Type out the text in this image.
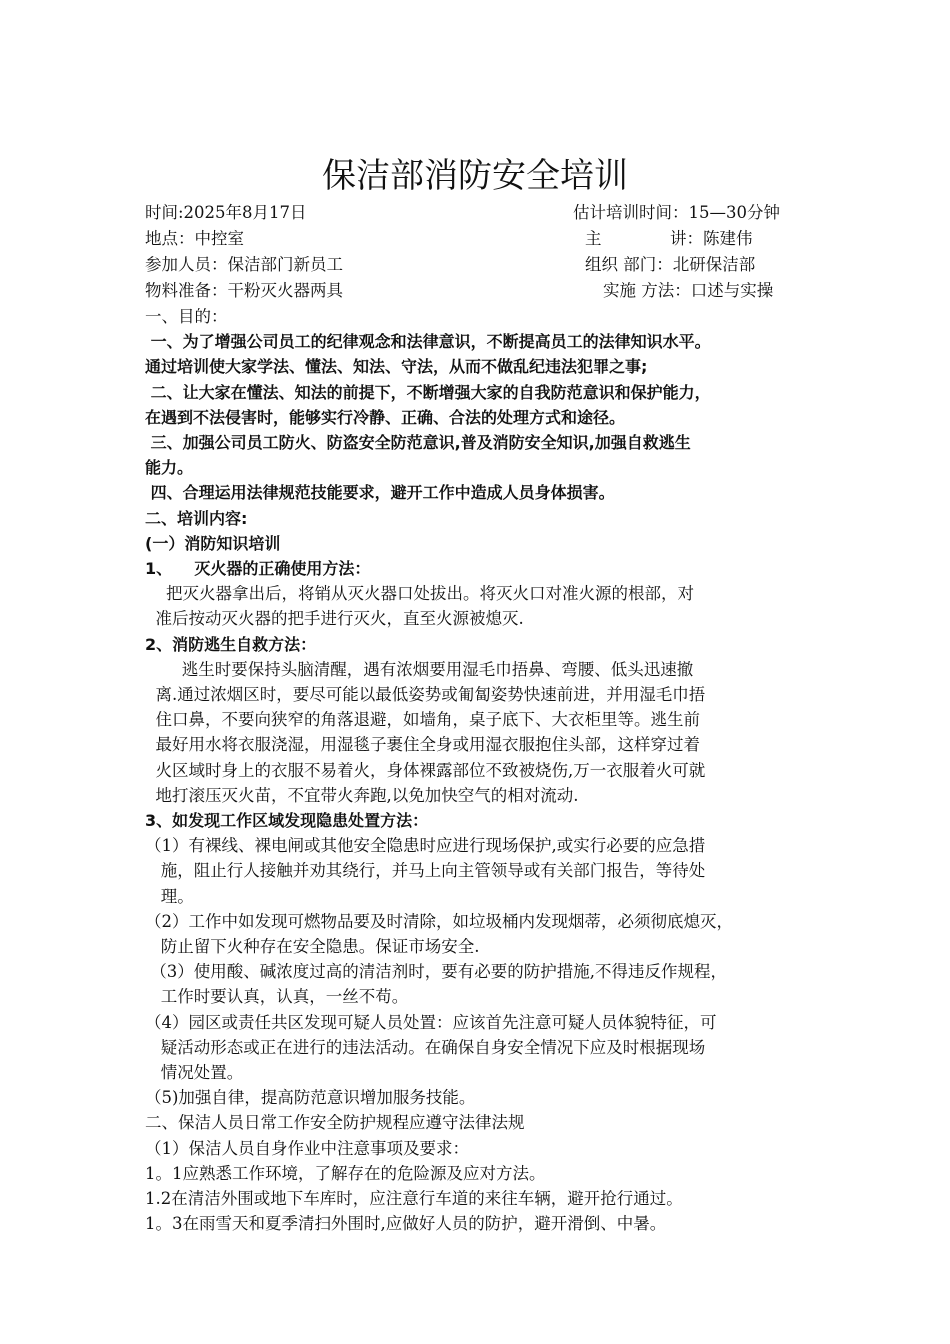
保洁部消防安全培训
时间:2025年8月17日	估计培训时间：15—30分钟
地点：中控室	主	讲：陈建伟
参加人员：保洁部门新员工	组织 部门：北研保洁部
物料准备：干粉灭火器两具	实施 方法：口述与实操
一、目的：
一、为了增强公司员工的纪律观念和法律意识，不断提高员工的法律知识水平。
通过培训使大家学法、懂法、知法、守法，从而不做乱纪违法犯罪之事;
二、让大家在懂法、知法的前提下，不断增强大家的自我防范意识和保护能力，
在遇到不法侵害时，能够实行冷静、正确、合法的处理方式和途径。
三、加强公司员工防火、防盗安全防范意识,普及消防安全知识,加强自救逃生
能力。
四、合理运用法律规范技能要求，避开工作中造成人员身体损害。
二、培训内容:
(一）消防知识培训
1、    灭火器的正确使用方法：
把灭火器拿出后，将销从灭火器口处拔出。将灭火口对准火源的根部，对
准后按动灭火器的把手进行灭火，直至火源被熄灭.
2、消防逃生自救方法：
逃生时要保持头脑清醒，遇有浓烟要用湿毛巾捂鼻、弯腰、低头迅速撤
离.通过浓烟区时，要尽可能以最低姿势或匍匐姿势快速前进，并用湿毛巾捂
住口鼻，不要向狭窄的角落退避，如墙角，桌子底下、大衣柜里等。逃生前
最好用水将衣服浇湿，用湿毯子裹住全身或用湿衣服抱住头部，这样穿过着
火区域时身上的衣服不易着火，身体裸露部位不致被烧伤,万一衣服着火可就
地打滚压灭火苗，不宜带火奔跑,以免加快空气的相对流动.
3、如发现工作区域发现隐患处置方法：
（1）有裸线、裸电闸或其他安全隐患时应进行现场保护,或实行必要的应急措
施，阻止行人接触并劝其绕行，并马上向主管领导或有关部门报告，等待处
理。
（2）工作中如发现可燃物品要及时清除，如垃圾桶内发现烟蒂，必须彻底熄灭，
防止留下火种存在安全隐患。保证市场安全.
（3）使用酸、碱浓度过高的清洁剂时，要有必要的防护措施,不得违反作规程，
工作时要认真，认真，一丝不苟。
（4）园区或责任共区发现可疑人员处置：应该首先注意可疑人员体貌特征，可
疑活动形态或正在进行的违法活动。在确保自身安全情况下应及时根据现场
情况处置。
（5)加强自律，提高防范意识增加服务技能。
二、保洁人员日常工作安全防护规程应遵守法律法规
（1）保洁人员自身作业中注意事项及要求：
1。1应熟悉工作环境，了解存在的危险源及应对方法。
1.2在清洁外围或地下车库时，应注意行车道的来往车辆，避开抢行通过。
1。3在雨雪天和夏季清扫外围时,应做好人员的防护，避开滑倒、中暑。
